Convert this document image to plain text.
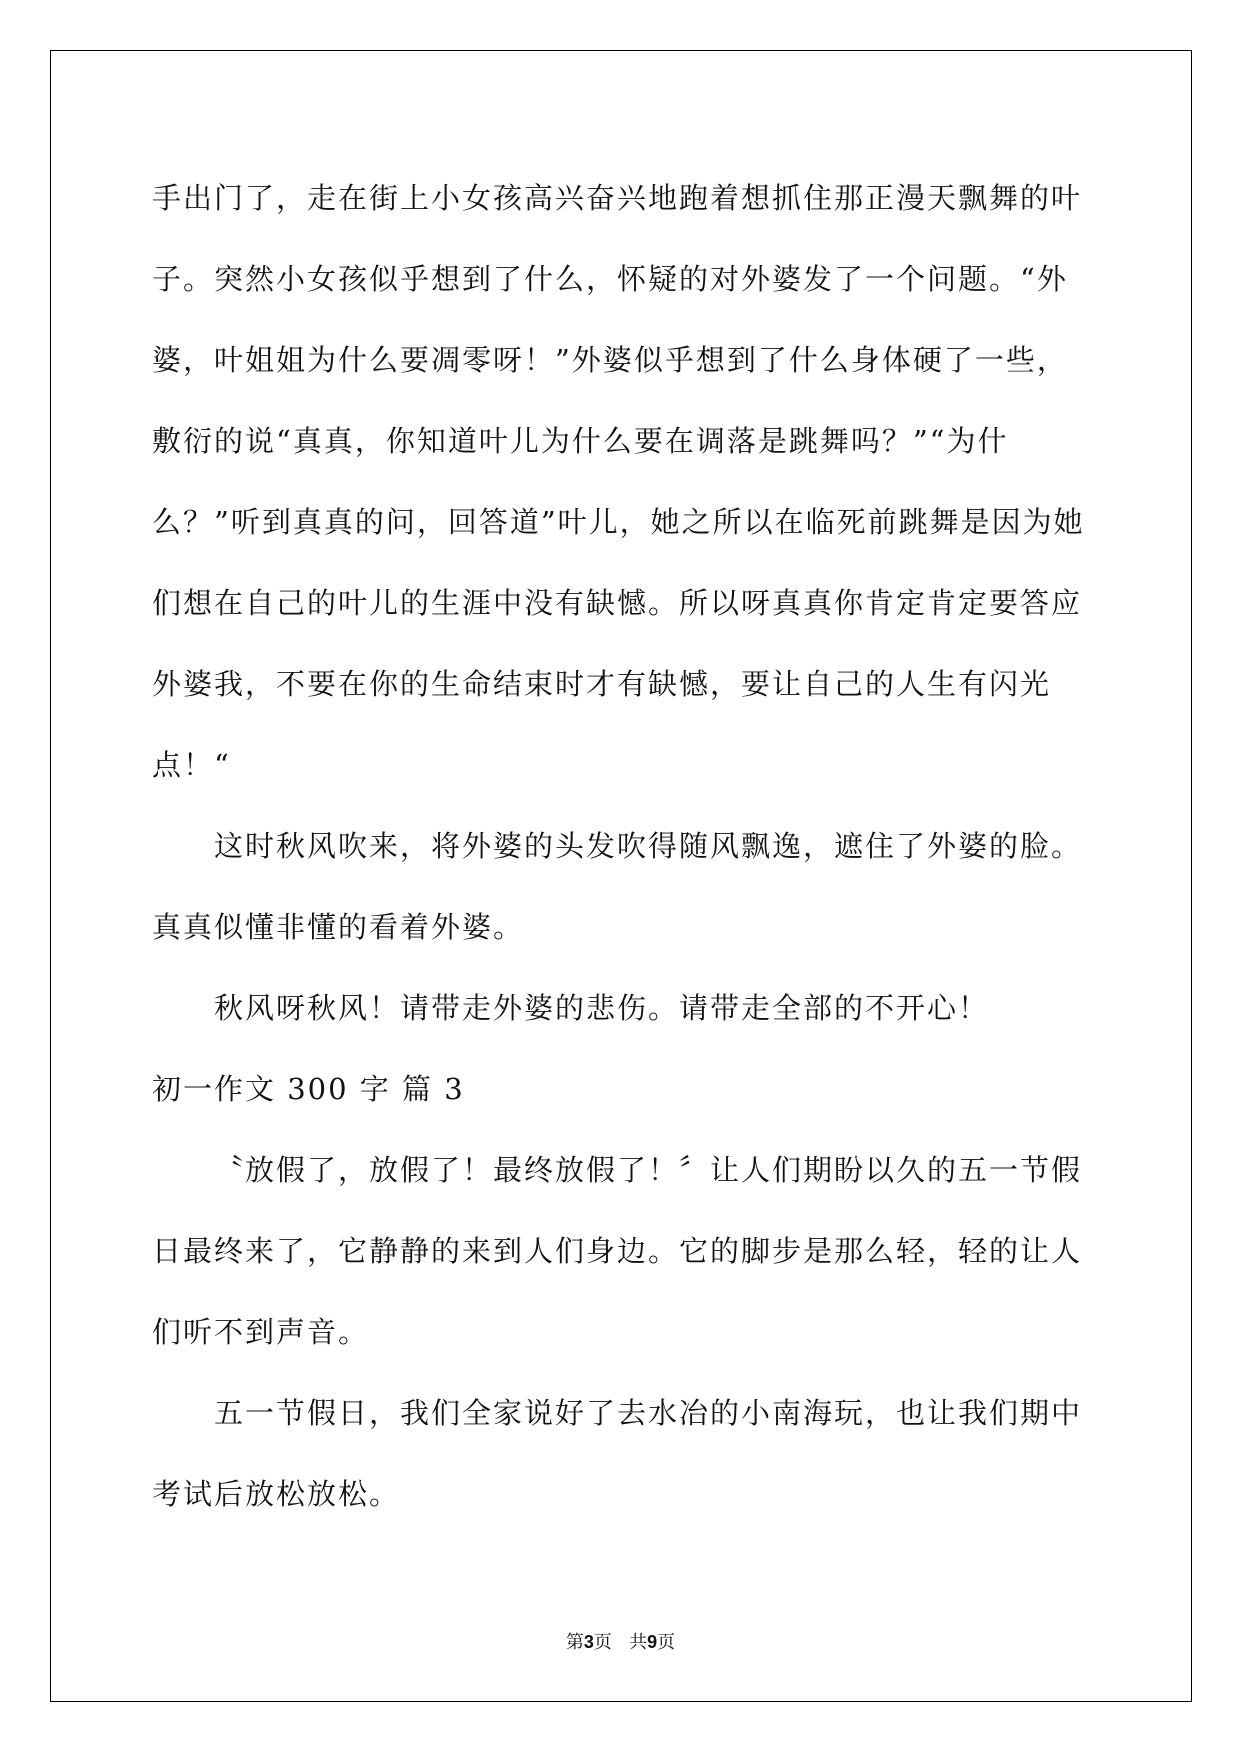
手出门了，走在街上小女孩高兴奋兴地跑着想抓住那正漫天飘舞的叶子。突然小女孩似乎想到了什么，怀疑的对外婆发了一个问题。“外婆，叶姐姐为什么要凋零呀！”外婆似乎想到了什么身体硬了一些，敷衍的说“真真，你知道叶儿为什么要在调落是跳舞吗？”“为什么？”听到真真的问，回答道”叶儿，她之所以在临死前跳舞是因为她们想在自己的叶儿的生涯中没有缺憾。所以呀真真你肯定肯定要答应外婆我，不要在你的生命结束时才有缺憾，要让自己的人生有闪光点！“

这时秋风吹来，将外婆的头发吹得随风飘逸，遮住了外婆的脸。真真似懂非懂的看着外婆。

秋风呀秋风！请带走外婆的悲伤。请带走全部的不开心！

初一作文 300 字 篇 3

〝放假了，放假了！最终放假了！〞让人们期盼以久的五一节假日最终来了，它静静的来到人们身边。它的脚步是那么轻，轻的让人们听不到声音。

五一节假日，我们全家说好了去水冶的小南海玩，也让我们期中考试后放松放松。

第3页   共9页
